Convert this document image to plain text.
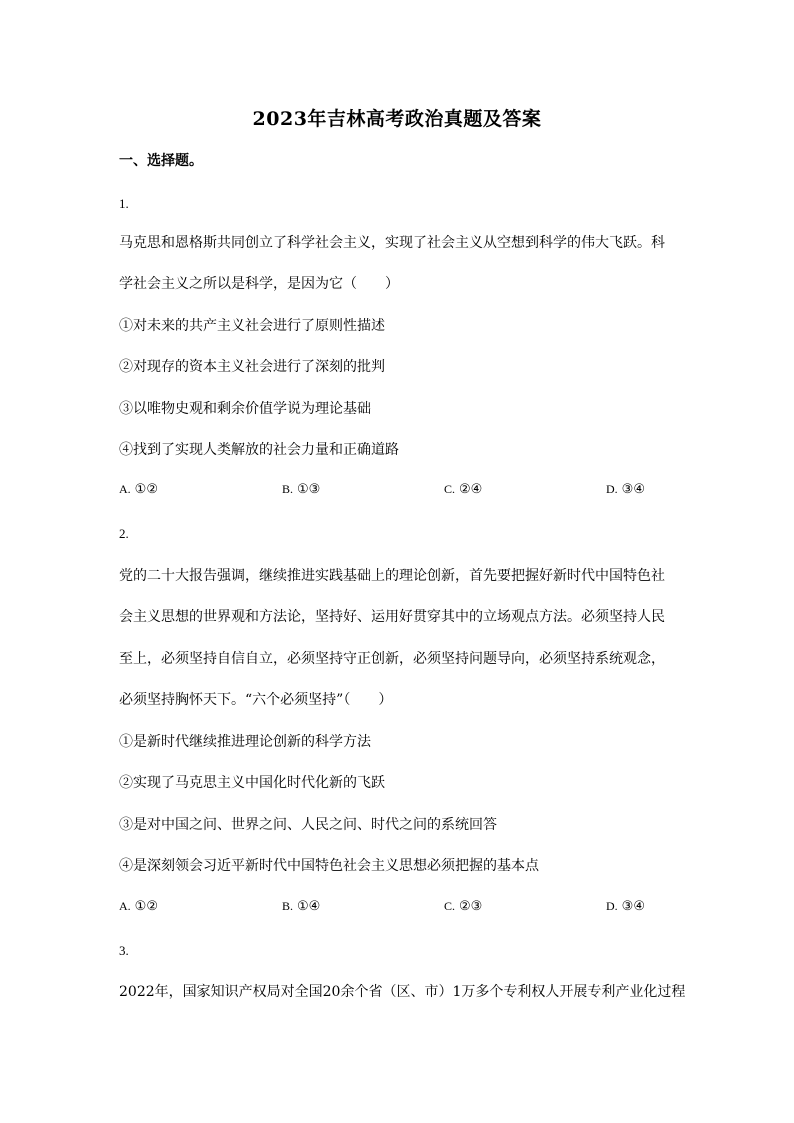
2023年吉林高考政治真题及答案
一、选择题。
1.
马克思和恩格斯共同创立了科学社会主义，实现了社会主义从空想到科学的伟大飞跃。科
学社会主义之所以是科学，是因为它（　　）
①对未来的共产主义社会进行了原则性描述
②对现存的资本主义社会进行了深刻的批判
③以唯物史观和剩余价值学说为理论基础
④找到了实现人类解放的社会力量和正确道路
A. ①②	B. ①③	C. ②④	D. ③④
2.
党的二十大报告强调，继续推进实践基础上的理论创新，首先要把握好新时代中国特色社
会主义思想的世界观和方法论，坚持好、运用好贯穿其中的立场观点方法。必须坚持人民
至上，必须坚持自信自立，必须坚持守正创新，必须坚持问题导向，必须坚持系统观念，
必须坚持胸怀天下。“六个必须坚持”（　　）
①是新时代继续推进理论创新的科学方法
②实现了马克思主义中国化时代化新的飞跃
③是对中国之问、世界之问、人民之问、时代之问的系统回答
④是深刻领会习近平新时代中国特色社会主义思想必须把握的基本点
A. ①②	B. ①④	C. ②③	D. ③④
3.
2022年，国家知识产权局对全国20余个省（区、市）1万多个专利权人开展专利产业化过程
